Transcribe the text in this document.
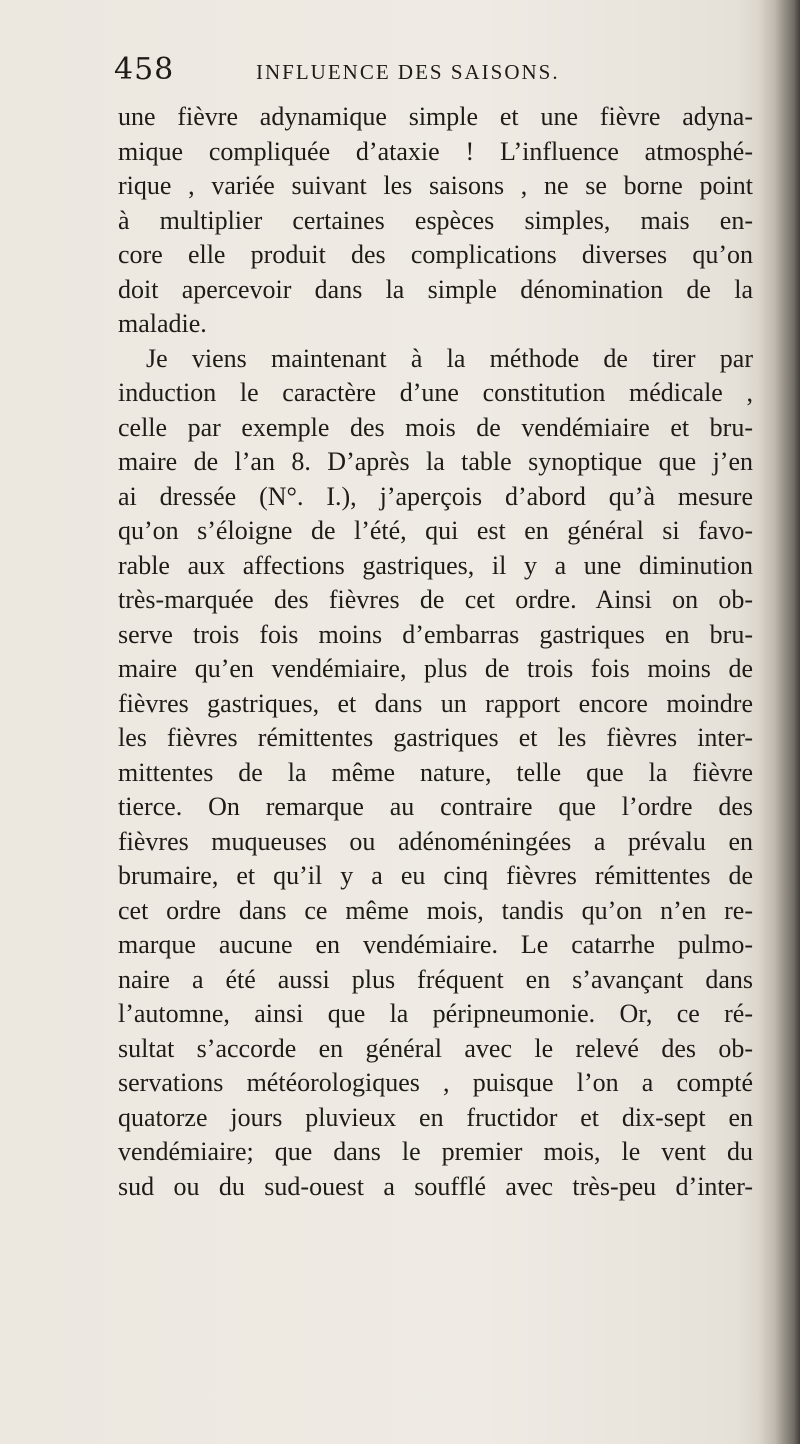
458	INFLUENCE DES SAISONS.
une fièvre adynamique simple et une fièvre adyna-
mique compliquée d’ataxie ! L’influence atmosphé-
rique , variée suivant les saisons , ne se borne point
à multiplier certaines espèces simples, mais en-
core elle produit des complications diverses qu’on
doit apercevoir dans la simple dénomination de la
maladie.
Je viens maintenant à la méthode de tirer par
induction le caractère d’une constitution médicale ,
celle par exemple des mois de vendémiaire et bru-
maire de l’an 8. D’après la table synoptique que j’en
ai dressée (N°. I.), j’aperçois d’abord qu’à mesure
qu’on s’éloigne de l’été, qui est en général si favo-
rable aux affections gastriques, il y a une diminution
très-marquée des fièvres de cet ordre. Ainsi on ob-
serve trois fois moins d’embarras gastriques en bru-
maire qu’en vendémiaire, plus de trois fois moins de
fièvres gastriques, et dans un rapport encore moindre
les fièvres rémittentes gastriques et les fièvres inter-
mittentes de la même nature, telle que la fièvre
tierce. On remarque au contraire que l’ordre des
fièvres muqueuses ou adénoméningées a prévalu en
brumaire, et qu’il y a eu cinq fièvres rémittentes de
cet ordre dans ce même mois, tandis qu’on n’en re-
marque aucune en vendémiaire. Le catarrhe pulmo-
naire a été aussi plus fréquent en s’avançant dans
l’automne, ainsi que la péripneumonie. Or, ce ré-
sultat s’accorde en général avec le relevé des ob-
servations météorologiques , puisque l’on a compté
quatorze jours pluvieux en fructidor et dix-sept en
vendémiaire; que dans le premier mois, le vent du
sud ou du sud-ouest a soufflé avec très-peu d’inter-
